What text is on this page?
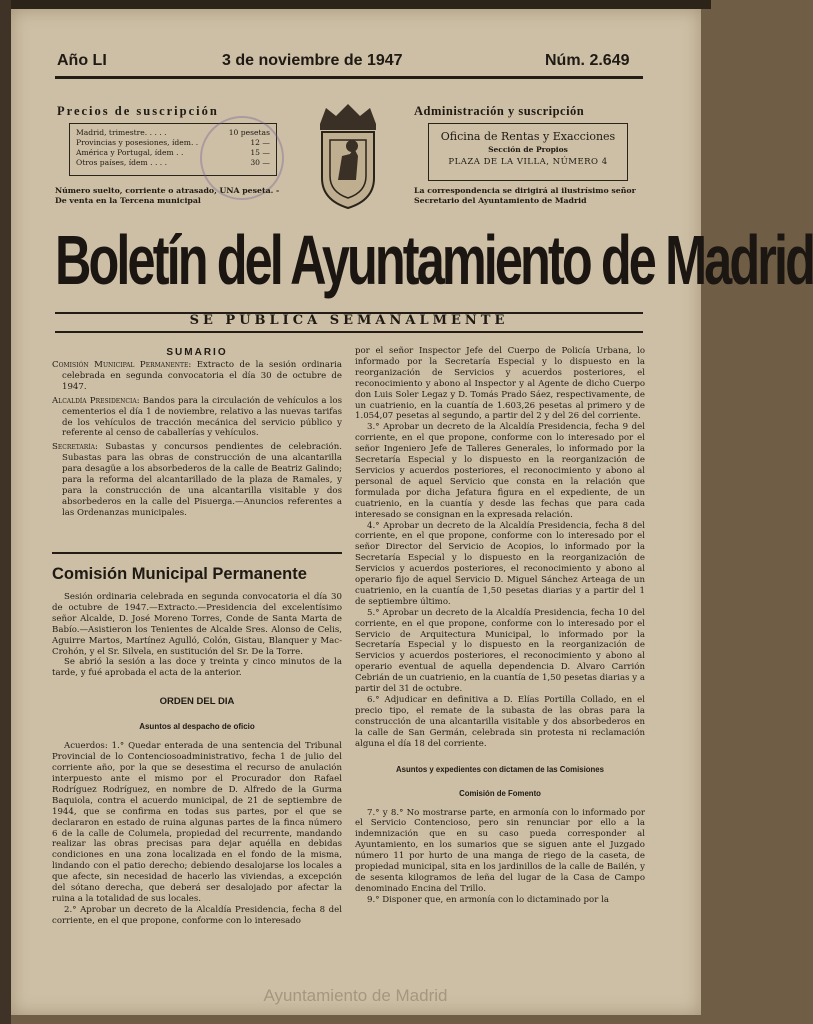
Año LI	3 de noviembre de 1947	Núm. 2.649
Precios de suscripción
Madrid, trimestre. . . . .	10 pesetas
Provincias y posesiones, ídem. .	12 —
América y Portugal, ídem . .	15 —
Otros países, ídem . . . .	30 —
Número suelto, corriente o atrasado, UNA peseta. - De venta en la Tercena municipal
Administración y suscripción
Oficina de Rentas y Exacciones
Sección de Propios
PLAZA DE LA VILLA, NÚMERO 4
La correspondencia se dirigirá al ilustrísimo señor Secretario del Ayuntamiento de Madrid
Boletín del Ayuntamiento de Madrid
SE PUBLICA SEMANALMENTE
SUMARIO

Comisión Municipal Permanente: Extracto de la sesión ordinaria celebrada en segunda convocatoria el día 30 de octubre de 1947.

Alcaldía Presidencia: Bandos para la circulación de vehículos a los cementerios el día 1 de noviembre, relativo a las nuevas tarifas de los vehículos de tracción mecánica del servicio público y referente al censo de caballerías y vehículos.

Secretaría: Subastas y concursos pendientes de celebración. Subastas para las obras de construcción de una alcantarilla para desagüe a los absorbederos de la calle de Beatriz Galindo; para la reforma del alcantarillado de la plaza de Ramales, y para la construcción de una alcantarilla visitable y dos absorbederos en la calle del Pisuerga.—Anuncios referentes a las Ordenanzas municipales.

Comisión Municipal Permanente

Sesión ordinaria celebrada en segunda convocatoria el día 30 de octubre de 1947.—Extracto.—Presidencia del excelentísimo señor Alcalde, D. José Moreno Torres, Conde de Santa Marta de Babío.—Asistieron los Tenientes de Alcalde Sres. Alonso de Celis, Aguirre Martos, Martínez Agulló, Colón, Gistau, Blanquer y Mac-Crohón, y el Sr. Silvela, en sustitución del Sr. De la Torre.

Se abrió la sesión a las doce y treinta y cinco minutos de la tarde, y fué aprobada el acta de la anterior.

ORDEN DEL DIA
Asuntos al despacho de oficio

Acuerdos: 1.° Quedar enterada de una sentencia del Tribunal Provincial de lo Contenciosoadministrativo, fecha 1 de julio del corriente año, por la que se desestima el recurso de anulación interpuesto ante el mismo por el Procurador don Rafael Rodríguez Rodríguez, en nombre de D. Alfredo de la Gurma Baquiola, contra el acuerdo municipal, de 21 de septiembre de 1944, que se confirma en todas sus partes, por el que se declararon en estado de ruina algunas partes de la finca número 6 de la calle de Columela, propiedad del recurrente, mandando realizar las obras precisas para dejar aquélla en debidas condiciones en una zona localizada en el fondo de la misma, lindando con el patio derecho; debiendo desalojarse los locales a que afecte, sin necesidad de hacerlo las viviendas, a excepción del sótano derecha, que deberá ser desalojado por afectar la ruina a la totalidad de sus locales.

2.° Aprobar un decreto de la Alcaldía Presidencia, fecha 8 del corriente, en el que propone, conforme con lo interesado

por el señor Inspector Jefe del Cuerpo de Policía Urbana, lo informado por la Secretaría Especial y lo dispuesto en la reorganización de Servicios y acuerdos posteriores, el reconocimiento y abono al Inspector y al Agente de dicho Cuerpo don Luis Soler Legaz y D. Tomás Prado Sáez, respectivamente, de un cuatrienio, en la cuantía de 1.603,26 pesetas al primero y de 1.054,07 pesetas al segundo, a partir del 2 y del 26 del corriente.

3.° Aprobar un decreto de la Alcaldía Presidencia, fecha 9 del corriente, en el que propone, conforme con lo interesado por el señor Ingeniero Jefe de Talleres Generales, lo informado por la Secretaría Especial y lo dispuesto en la reorganización de Servicios y acuerdos posteriores, el reconocimiento y abono al personal de aquel Servicio que consta en la relación que formulada por dicha Jefatura figura en el expediente, de un cuatrienio, en la cuantía y desde las fechas que para cada interesado se consignan en la expresada relación.

4.° Aprobar un decreto de la Alcaldía Presidencia, fecha 8 del corriente, en el que propone, conforme con lo interesado por el señor Director del Servicio de Acopios, lo informado por la Secretaría Especial y lo dispuesto en la reorganización de Servicios y acuerdos posteriores, el reconocimiento y abono al operario fijo de aquel Servicio D. Miguel Sánchez Arteaga de un cuatrienio, en la cuantía de 1,50 pesetas diarias y a partir del 1 de septiembre último.

5.° Aprobar un decreto de la Alcaldía Presidencia, fecha 10 del corriente, en el que propone, conforme con lo interesado por el Servicio de Arquitectura Municipal, lo informado por la Secretaría Especial y lo dispuesto en la reorganización de Servicios y acuerdos posteriores, el reconocimiento y abono al operario eventual de aquella dependencia D. Alvaro Carrión Cebrián de un cuatrienio, en la cuantía de 1,50 pesetas diarias y a partir del 31 de octubre.

6.° Adjudicar en definitiva a D. Elías Portilla Collado, en el precio tipo, el remate de la subasta de las obras para la construcción de una alcantarilla visitable y dos absorbederos en la calle de San Germán, celebrada sin protesta ni reclamación alguna el día 18 del corriente.

Asuntos y expedientes con dictamen de las Comisiones
Comisión de Fomento

7.° y 8.° No mostrarse parte, en armonía con lo informado por el Servicio Contencioso, pero sin renunciar por ello a la indemnización que en su caso pueda corresponder al Ayuntamiento, en los sumarios que se siguen ante el Juzgado número 11 por hurto de una manga de riego de la caseta, de propiedad municipal, sita en los jardinillos de la calle de Bailén, y de sesenta kilogramos de leña del lugar de la Casa de Campo denominado Encina del Trillo.

9.° Disponer que, en armonía con lo dictaminado por la

Ayuntamiento de Madrid
